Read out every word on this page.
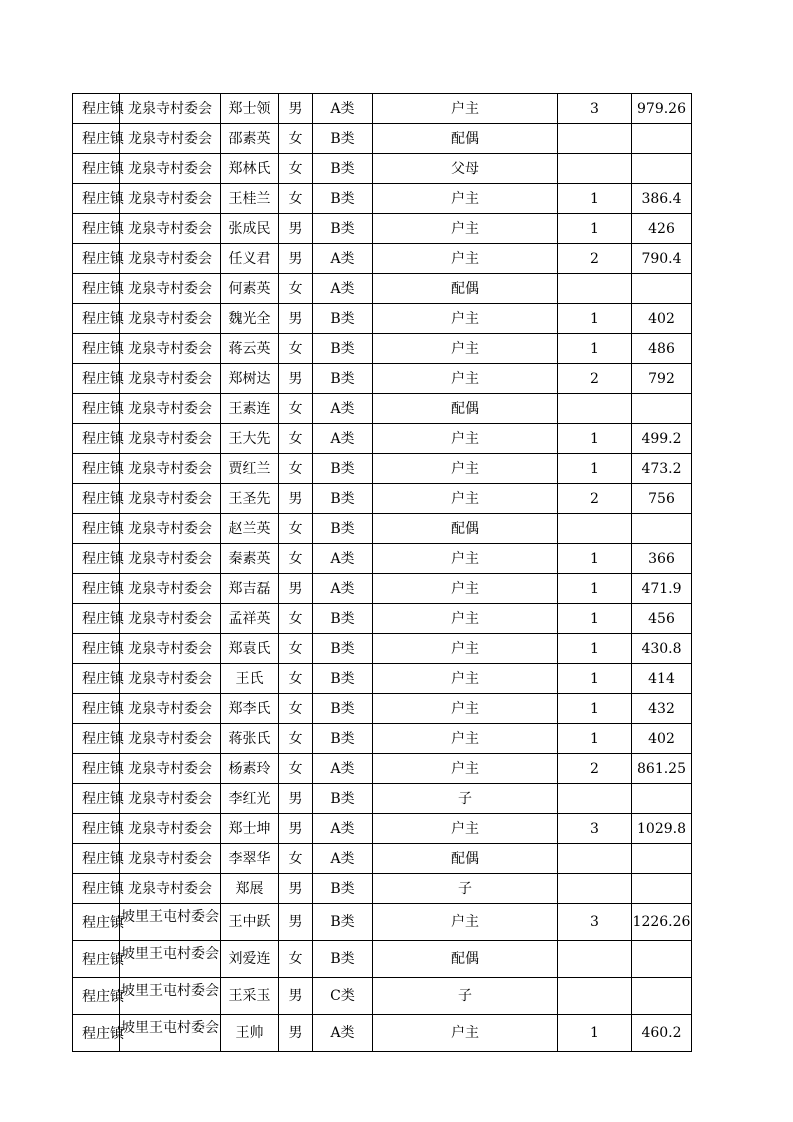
程庄镇	龙泉寺村委会	郑士领	男	A类	户主	3	979.26

程庄镇	龙泉寺村委会	邵素英	女	B类	配偶		

程庄镇	龙泉寺村委会	郑林氏	女	B类	父母		

程庄镇	龙泉寺村委会	王桂兰	女	B类	户主	1	386.4

程庄镇	龙泉寺村委会	张成民	男	B类	户主	1	426

程庄镇	龙泉寺村委会	任义君	男	A类	户主	2	790.4

程庄镇	龙泉寺村委会	何素英	女	A类	配偶		

程庄镇	龙泉寺村委会	魏光全	男	B类	户主	1	402

程庄镇	龙泉寺村委会	蒋云英	女	B类	户主	1	486

程庄镇	龙泉寺村委会	郑树达	男	B类	户主	2	792

程庄镇	龙泉寺村委会	王素连	女	A类	配偶		

程庄镇	龙泉寺村委会	王大先	女	A类	户主	1	499.2

程庄镇	龙泉寺村委会	贾红兰	女	B类	户主	1	473.2

程庄镇	龙泉寺村委会	王圣先	男	B类	户主	2	756

程庄镇	龙泉寺村委会	赵兰英	女	B类	配偶		

程庄镇	龙泉寺村委会	秦素英	女	A类	户主	1	366

程庄镇	龙泉寺村委会	郑吉磊	男	A类	户主	1	471.9

程庄镇	龙泉寺村委会	孟祥英	女	B类	户主	1	456

程庄镇	龙泉寺村委会	郑袁氏	女	B类	户主	1	430.8

程庄镇	龙泉寺村委会	王氏	女	B类	户主	1	414

程庄镇	龙泉寺村委会	郑李氏	女	B类	户主	1	432

程庄镇	龙泉寺村委会	蒋张氏	女	B类	户主	1	402

程庄镇	龙泉寺村委会	杨素玲	女	A类	户主	2	861.25

程庄镇	龙泉寺村委会	李红光	男	B类	子		

程庄镇	龙泉寺村委会	郑士坤	男	A类	户主	3	1029.8

程庄镇	龙泉寺村委会	李翠华	女	A类	配偶		

程庄镇	龙泉寺村委会	郑展	男	B类	子		

程庄镇	坡里王屯村委会	王中跃	男	B类	户主	3	1226.26

程庄镇	坡里王屯村委会	刘爱连	女	B类	配偶		

程庄镇	坡里王屯村委会	王采玉	男	C类	子		

程庄镇	坡里王屯村委会	王帅	男	A类	户主	1	460.2
